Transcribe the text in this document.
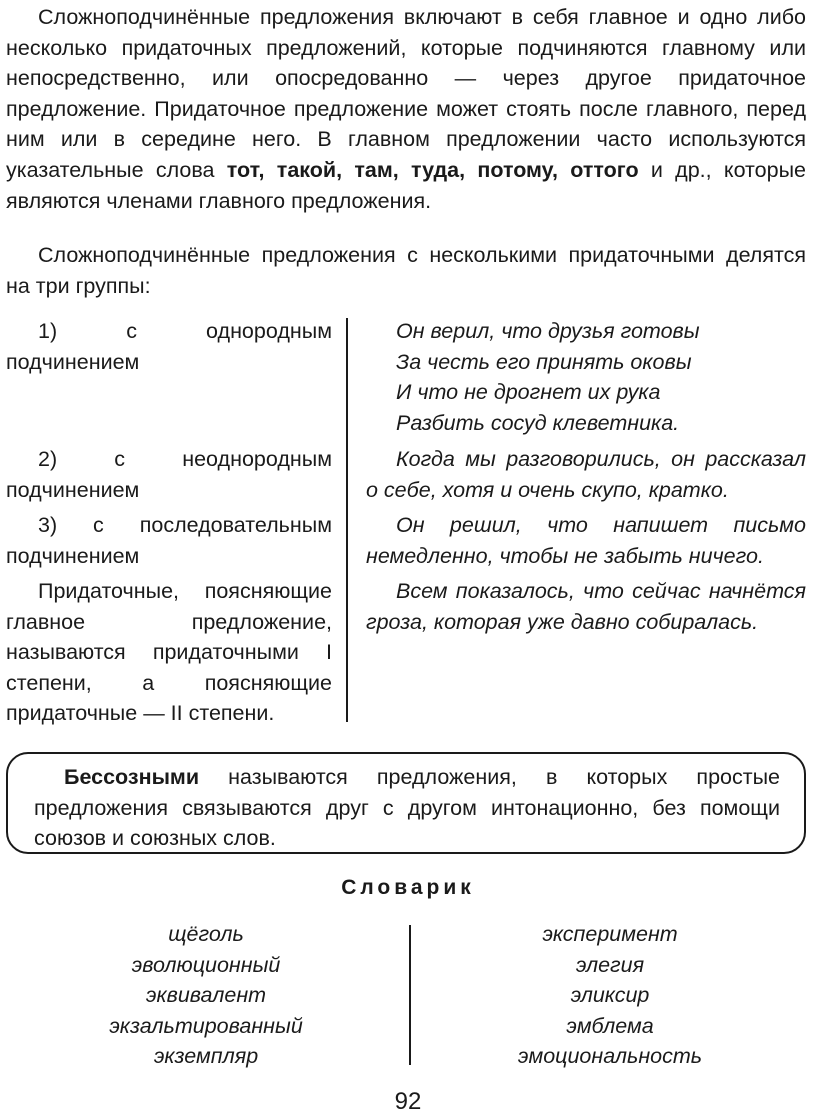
Сложноподчинённые предложения включают в себя главное и одно либо несколько придаточных предложений, которые подчиняются главному или непосредственно, или опосредованно — через другое придаточное предложение. Придаточное предложение может стоять после главного, перед ним или в середине него. В главном предложении часто используются указательные слова тот, такой, там, туда, потому, оттого и др., которые являются членами главного предложения.

Сложноподчинённые предложения с несколькими придаточными делятся на три группы:

1) с однородным подчинением

Он верил, что друзья готовы

За честь его принять оковы

И что не дрогнет их рука

Разбить сосуд клеветника.

2) с неоднородным подчинением

Когда мы разговорились, он рассказал о себе, хотя и очень скупо, кратко.

3) с последовательным подчинением

Он решил, что напишет письмо немедленно, чтобы не забыть ничего.

Придаточные, поясняющие главное предложение, называются придаточными I степени, а поясняющие придаточные — II степени.

Всем показалось, что сейчас начнётся гроза, которая уже давно собиралась.

Бессозными называются предложения, в которых простые предложения связываются друг с другом интонационно, без помощи союзов и союзных слов.

Словарик
щёголь
эволюционный
эквивалент
экзальтированный
экземпляр
эксперимент
элегия
эликсир
эмблема
эмоциональность
92
